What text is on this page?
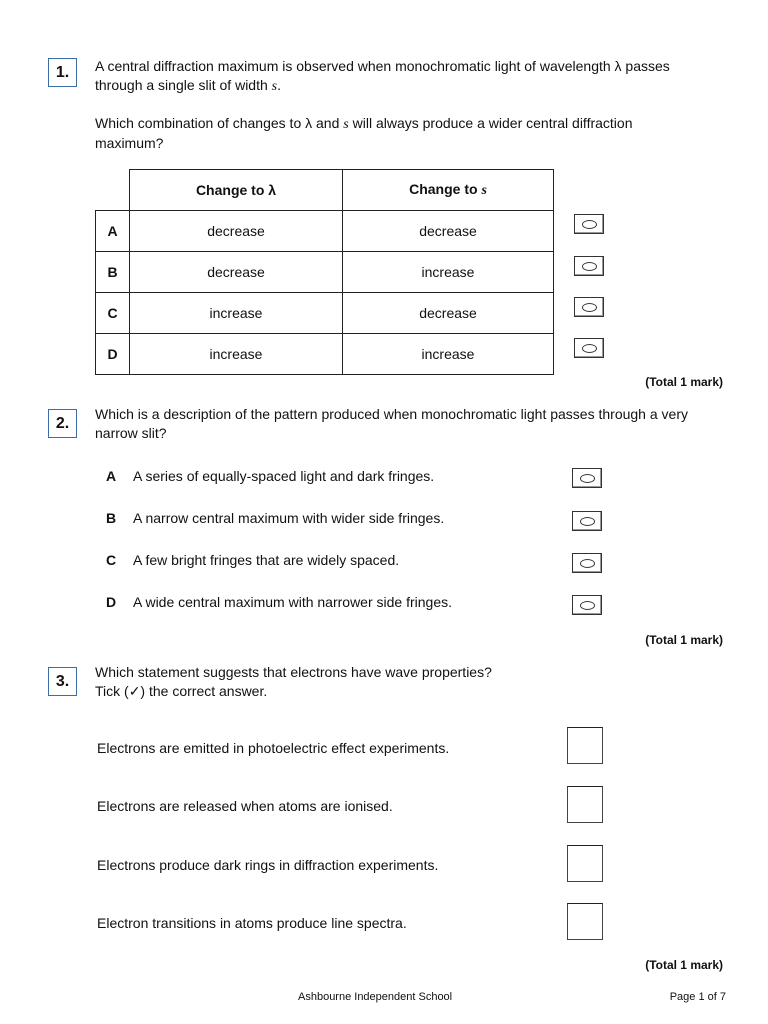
1.	A central diffraction maximum is observed when monochromatic light of wavelength λ passes
through a single slit of width s.
Which combination of changes to λ and s will always produce a wider central diffraction
maximum?
	Change to λ	Change to s
A	decrease	decrease
B	decrease	increase
C	increase	decrease
D	increase	increase
(Total 1 mark)
2.
Which is a description of the pattern produced when monochromatic light passes through a very
narrow slit?
A A series of equally-spaced light and dark fringes.
B A narrow central maximum with wider side fringes.
C A few bright fringes that are widely spaced.
D A wide central maximum with narrower side fringes.
(Total 1 mark)
3.
Which statement suggests that electrons have wave properties?
Tick (✓) the correct answer.
Electrons are emitted in photoelectric effect experiments.
Electrons are released when atoms are ionised.
Electrons produce dark rings in diffraction experiments.
Electron transitions in atoms produce line spectra.
(Total 1 mark)
Ashbourne Independent School	Page 1 of 7
